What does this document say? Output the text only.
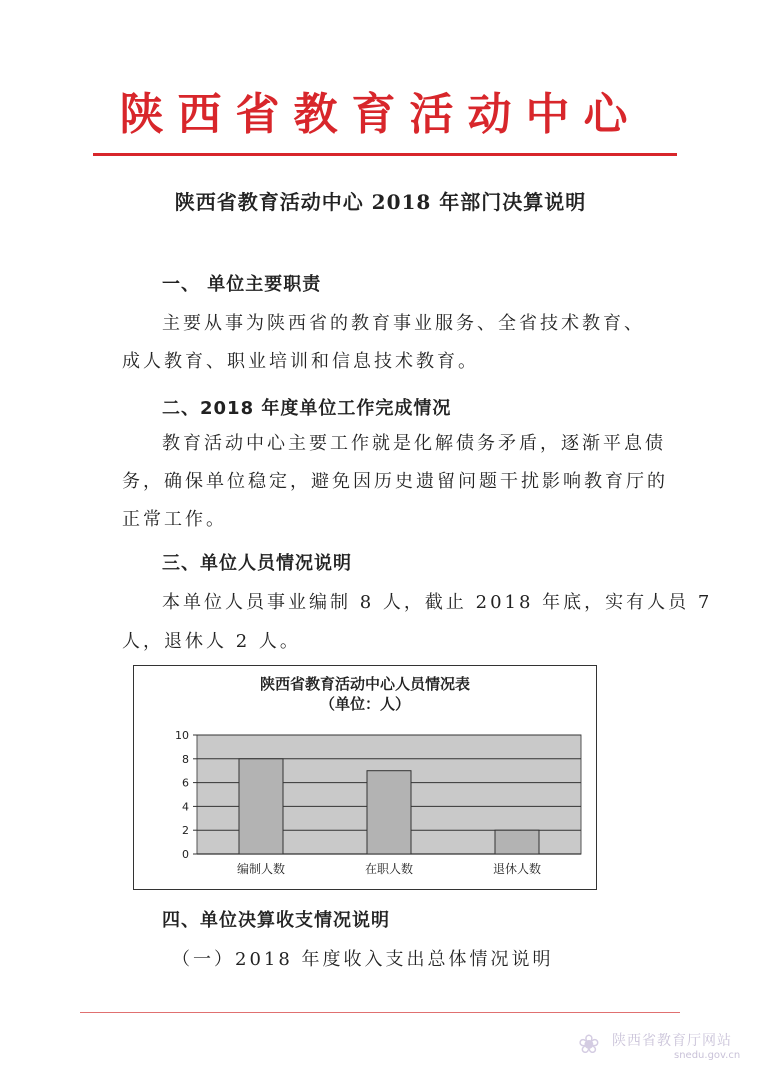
陕西省教育活动中心
陕西省教育活动中心 2018 年部门决算说明
一、 单位主要职责
主要从事为陕西省的教育事业服务、全省技术教育、
成人教育、职业培训和信息技术教育。
二、2018 年度单位工作完成情况
教育活动中心主要工作就是化解债务矛盾，逐渐平息债
务，确保单位稳定，避免因历史遗留问题干扰影响教育厅的
正常工作。
三、单位人员情况说明
本单位人员事业编制 8 人，截止 2018 年底，实有人员 7
人，退休人 2 人。
陕西省教育活动中心人员情况表
（单位：人）
0
2
4
6
8
10
编制人数	在职人数	退休人数
四、单位决算收支情况说明
（一）2018 年度收入支出总体情况说明
❀ 陕西省教育厅网站
snedu.gov.cn
